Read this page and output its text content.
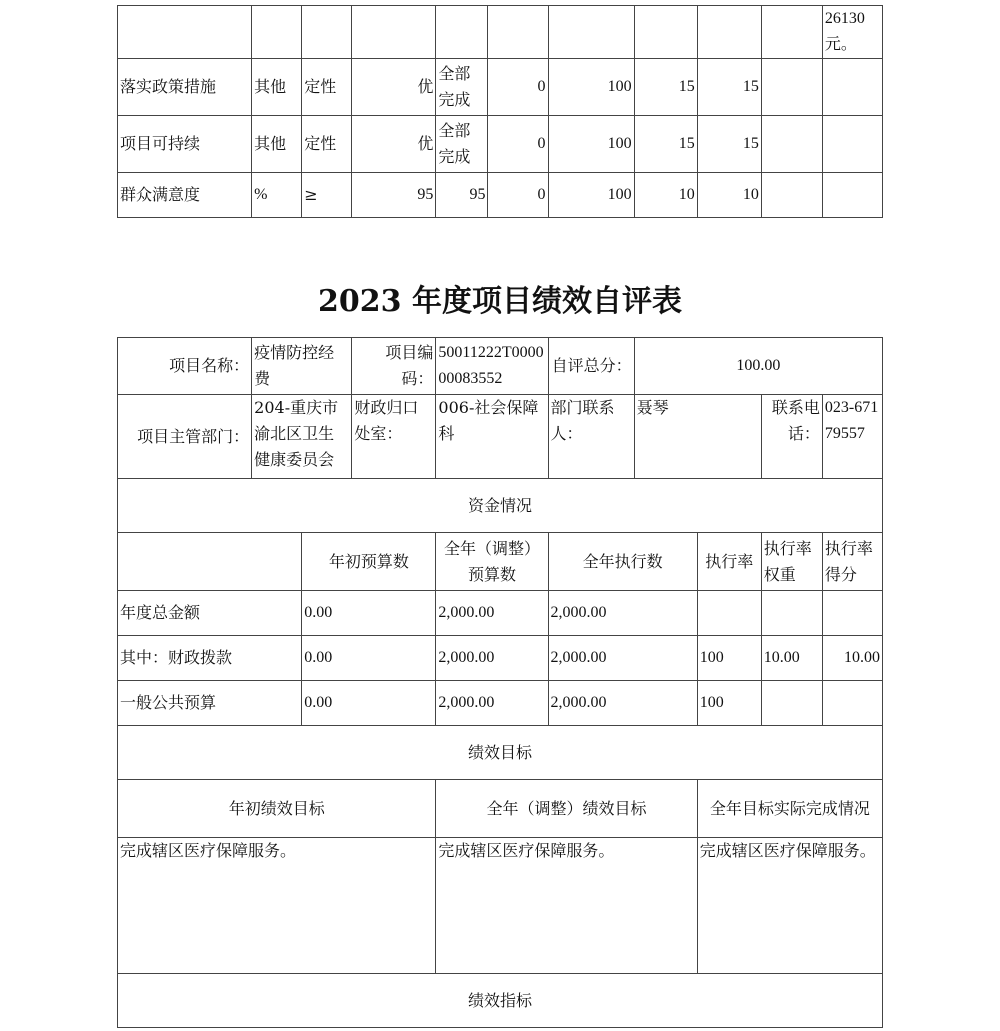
										26130元。
落实政策措施	其他	定性	优	全部完成	0	100	15	15		
项目可持续	其他	定性	优	全部完成	0	100	15	15		
群众满意度	%	≥	95	95	0	100	10	10		
2023 年度项目绩效自评表
项目名称：	疫情防控经费		项目编码：	50011222T000000083552	自评总分：	100.00			
项目主管部门：	204-重庆市渝北区卫生健康委员会		财政归口处室：	006-社会保障科	部门联系人：	聂琴		联系电话：	023-67179557
资金情况									
		年初预算数		全年（调整）预算数	全年执行数		执行率	执行率权重	执行率得分
年度总金额		0.00		2,000.00	2,000.00				
其中：财政拨款		0.00		2,000.00	2,000.00		100	10.00	10.00
一般公共预算		0.00		2,000.00	2,000.00		100		
绩效目标									
年初绩效目标				全年（调整）绩效目标			全年目标实际完成情况		
完成辖区医疗保障服务。				完成辖区医疗保障服务。			完成辖区医疗保障服务。		
绩效指标									
